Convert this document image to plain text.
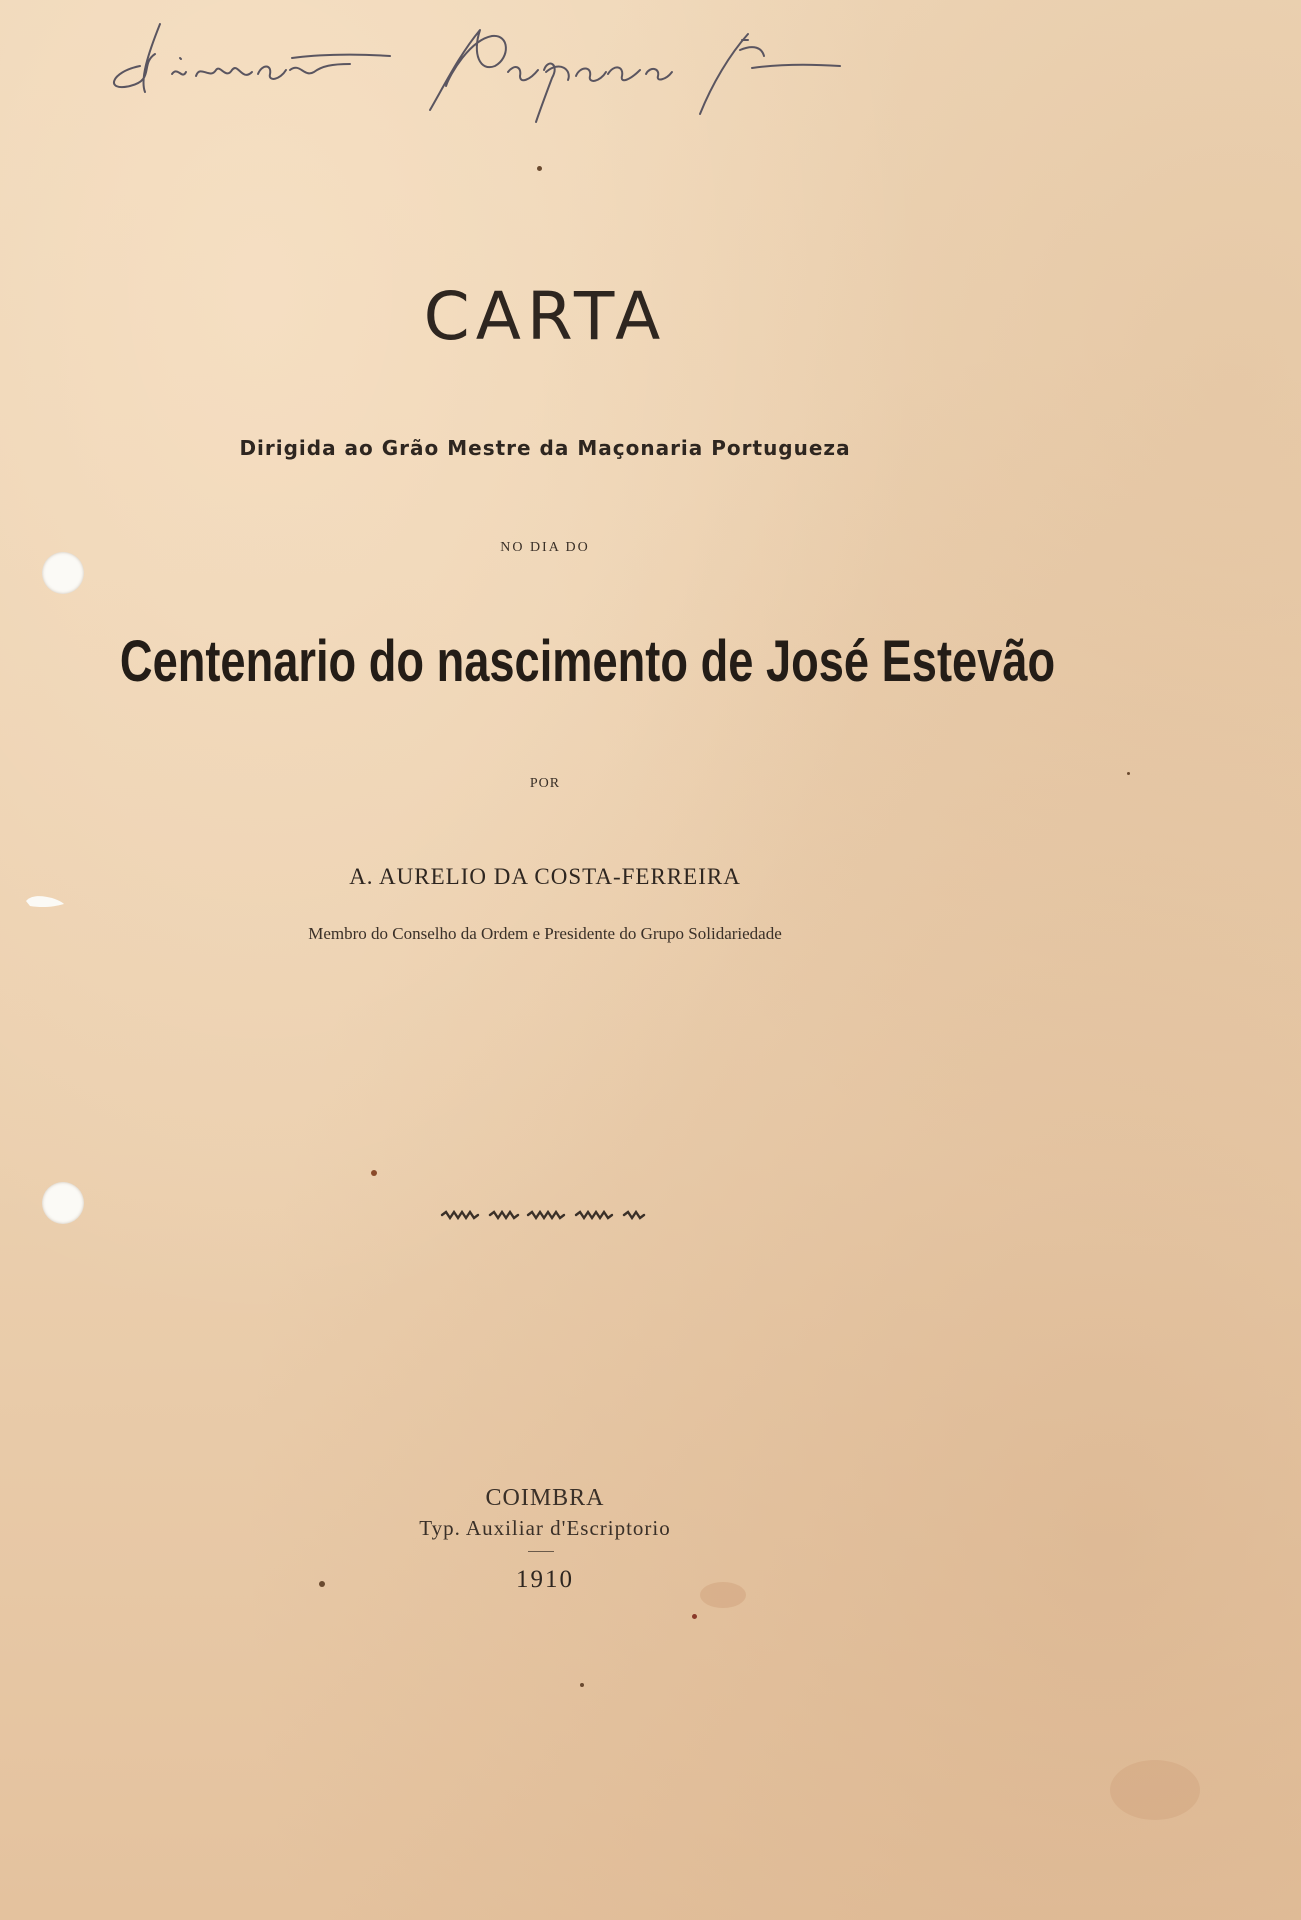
CARTA
Dirigida ao Grão Mestre da Maçonaria Portugueza
NO DIA DO
Centenario do nascimento de José Estevão
POR
A. AURELIO DA COSTA-FERREIRA
Membro do Conselho da Ordem e Presidente do Grupo Solidariedade
COIMBRA
Typ. Auxiliar d'Escriptorio
1910
